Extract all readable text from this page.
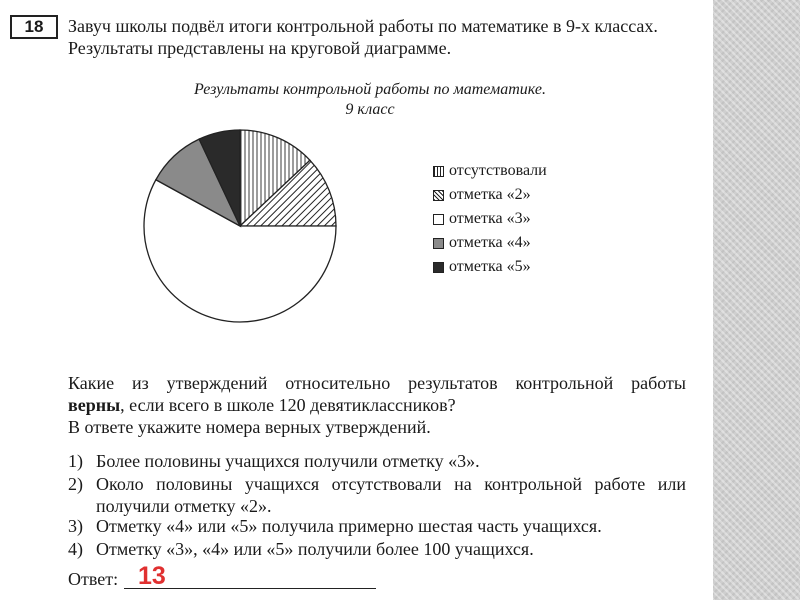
18 Завуч школы подвёл итоги контрольной работы по математике в 9-х классах.

Результаты представлены на круговой диаграмме.

Результаты контрольной работы по математике.

9 класс

отсутствовали
отметка «2»
отметка «3»
отметка «4»
отметка «5»

Какие из утверждений относительно результатов контрольной работы

верны, если всего в школе 120 девятиклассников?

В ответе укажите номера верных утверждений.

1) Более половины учащихся получили отметку «3».

2) Около половины учащихся отсутствовали на контрольной работе или

получили отметку «2».

3) Отметку «4» или «5» получила примерно шестая часть учащихся.

4) Отметку «3», «4» или «5» получили более 100 учащихся.

Ответ: 13
